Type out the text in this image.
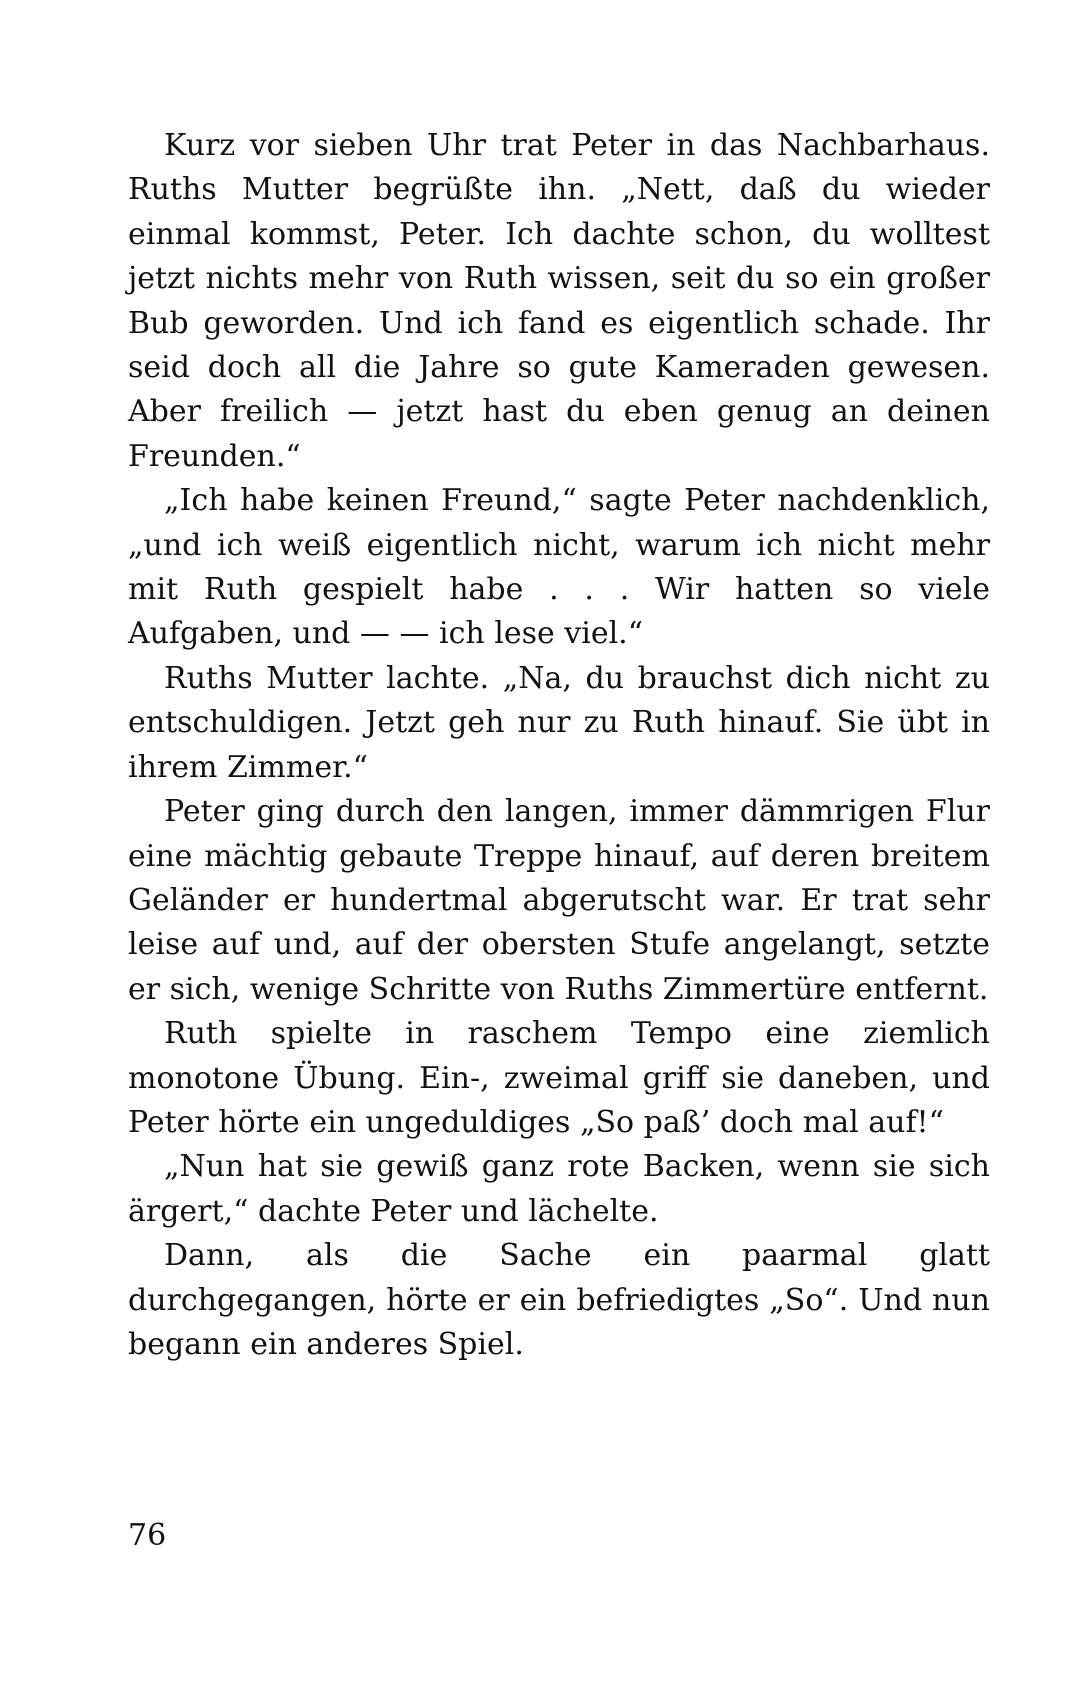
Kurz vor sieben Uhr trat Peter in das Nachbarhaus. Ruths Mutter begrüßte ihn. „Nett, daß du wieder einmal kommst, Peter. Ich dachte schon, du wolltest jetzt nichts mehr von Ruth wissen, seit du so ein großer Bub geworden. Und ich fand es eigentlich schade. Ihr seid doch all die Jahre so gute Kameraden gewesen. Aber freilich — jetzt hast du eben genug an deinen Freunden.“

„Ich habe keinen Freund,“ sagte Peter nachdenklich, „und ich weiß eigentlich nicht, warum ich nicht mehr mit Ruth gespielt habe . . . Wir hatten so viele Aufgaben, und — — ich lese viel.“

Ruths Mutter lachte. „Na, du brauchst dich nicht zu entschuldigen. Jetzt geh nur zu Ruth hinauf. Sie übt in ihrem Zimmer.“

Peter ging durch den langen, immer dämmrigen Flur eine mächtig gebaute Treppe hinauf, auf deren breitem Geländer er hundertmal abgerutscht war. Er trat sehr leise auf und, auf der obersten Stufe angelangt, setzte er sich, wenige Schritte von Ruths Zimmertüre entfernt.

Ruth spielte in raschem Tempo eine ziemlich monotone Übung. Ein-, zweimal griff sie daneben, und Peter hörte ein ungeduldiges „So paß’ doch mal auf!“

„Nun hat sie gewiß ganz rote Backen, wenn sie sich ärgert,“ dachte Peter und lächelte.

Dann, als die Sache ein paarmal glatt durchgegangen, hörte er ein befriedigtes „So“. Und nun begann ein anderes Spiel.

76
